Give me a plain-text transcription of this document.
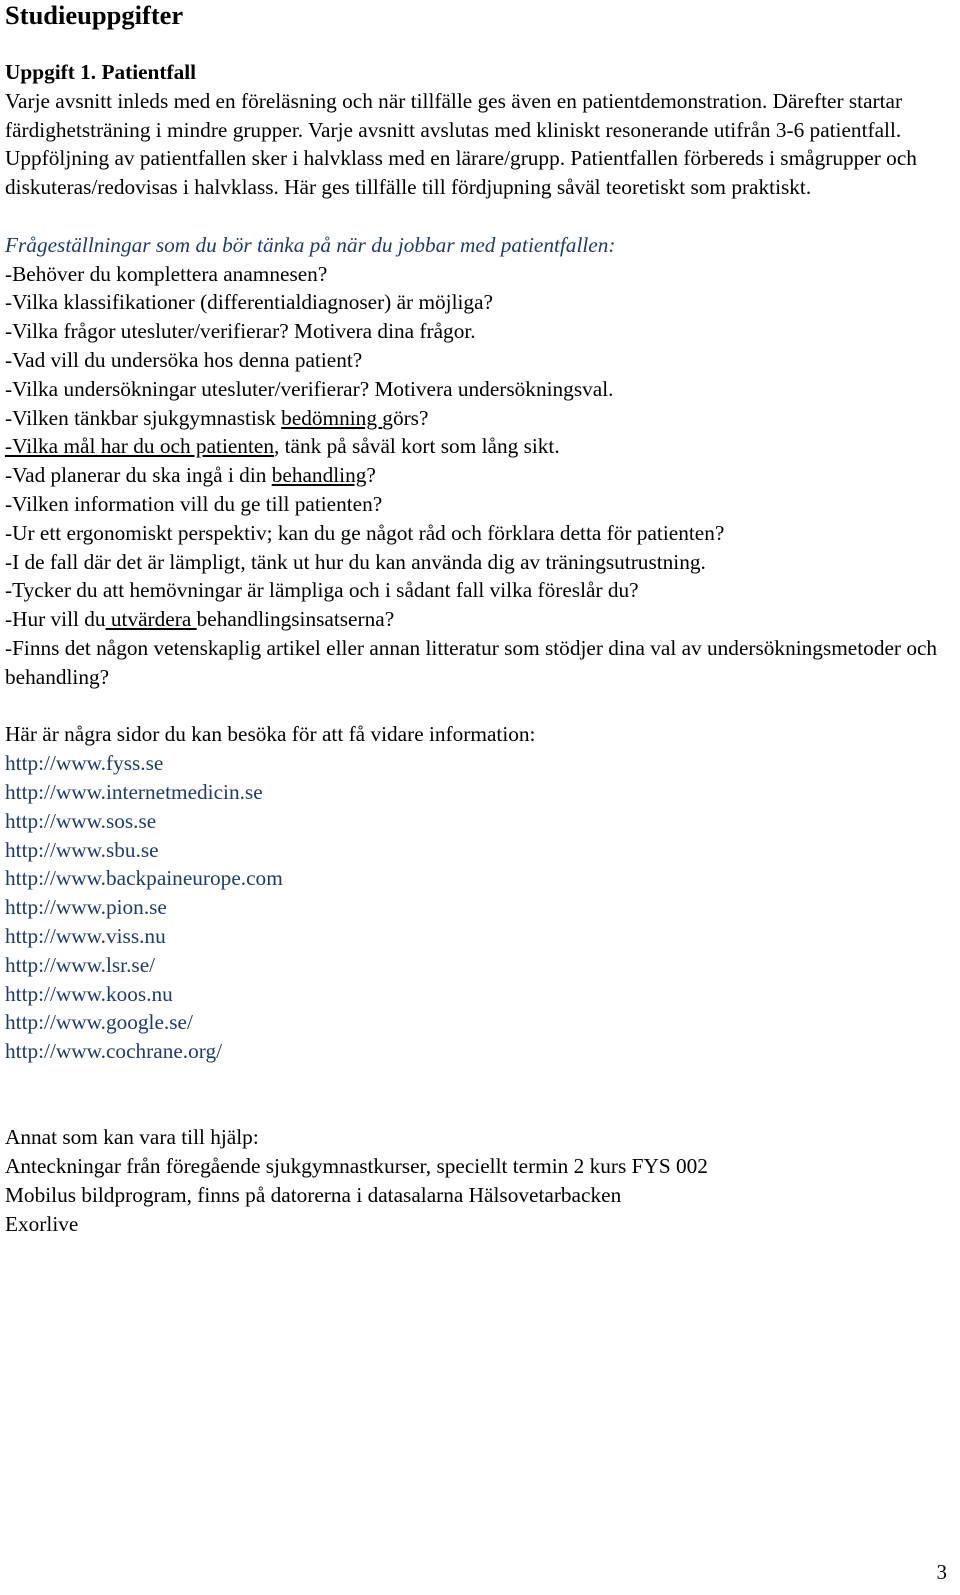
Studieuppgifter
Uppgift 1. Patientfall

Varje avsnitt inleds med en föreläsning och när tillfälle ges även en patientdemonstration. Därefter startar färdighetsträning i mindre grupper. Varje avsnitt avslutas med kliniskt resonerande utifrån 3-6 patientfall. Uppföljning av patientfallen sker i halvklass med en lärare/grupp. Patientfallen förbereds i smågrupper och diskuteras/redovisas i halvklass. Här ges tillfälle till fördjupning såväl teoretiskt som praktiskt.

Frågeställningar som du bör tänka på när du jobbar med patientfallen:

-Behöver du komplettera anamnesen?

-Vilka klassifikationer (differentialdiagnoser) är möjliga?

-Vilka frågor utesluter/verifierar? Motivera dina frågor.

-Vad vill du undersöka hos denna patient?

-Vilka undersökningar utesluter/verifierar? Motivera undersökningsval.

-Vilken tänkbar sjukgymnastisk bedömning görs?

-Vilka mål har du och patienten, tänk på såväl kort som lång sikt.

-Vad planerar du ska ingå i din behandling?

-Vilken information vill du ge till patienten?

-Ur ett ergonomiskt perspektiv; kan du ge något råd och förklara detta för patienten?

-I de fall där det är lämpligt, tänk ut hur du kan använda dig av träningsutrustning.

-Tycker du att hemövningar är lämpliga och i sådant fall vilka föreslår du?

-Hur vill du utvärdera behandlingsinsatserna?

-Finns det någon vetenskaplig artikel eller annan litteratur som stödjer dina val av undersökningsmetoder och behandling?

Här är några sidor du kan besöka för att få vidare information:

http://www.fyss.se
http://www.internetmedicin.se
http://www.sos.se
http://www.sbu.se
http://www.backpaineurope.com
http://www.pion.se
http://www.viss.nu
http://www.lsr.se/
http://www.koos.nu
http://www.google.se/
http://www.cochrane.org/

Annat som kan vara till hjälp:

Anteckningar från föregående sjukgymnastkurser, speciellt termin 2 kurs FYS 002

Mobilus bildprogram, finns på datorerna i datasalarna Hälsovetarbacken

Exorlive

3
